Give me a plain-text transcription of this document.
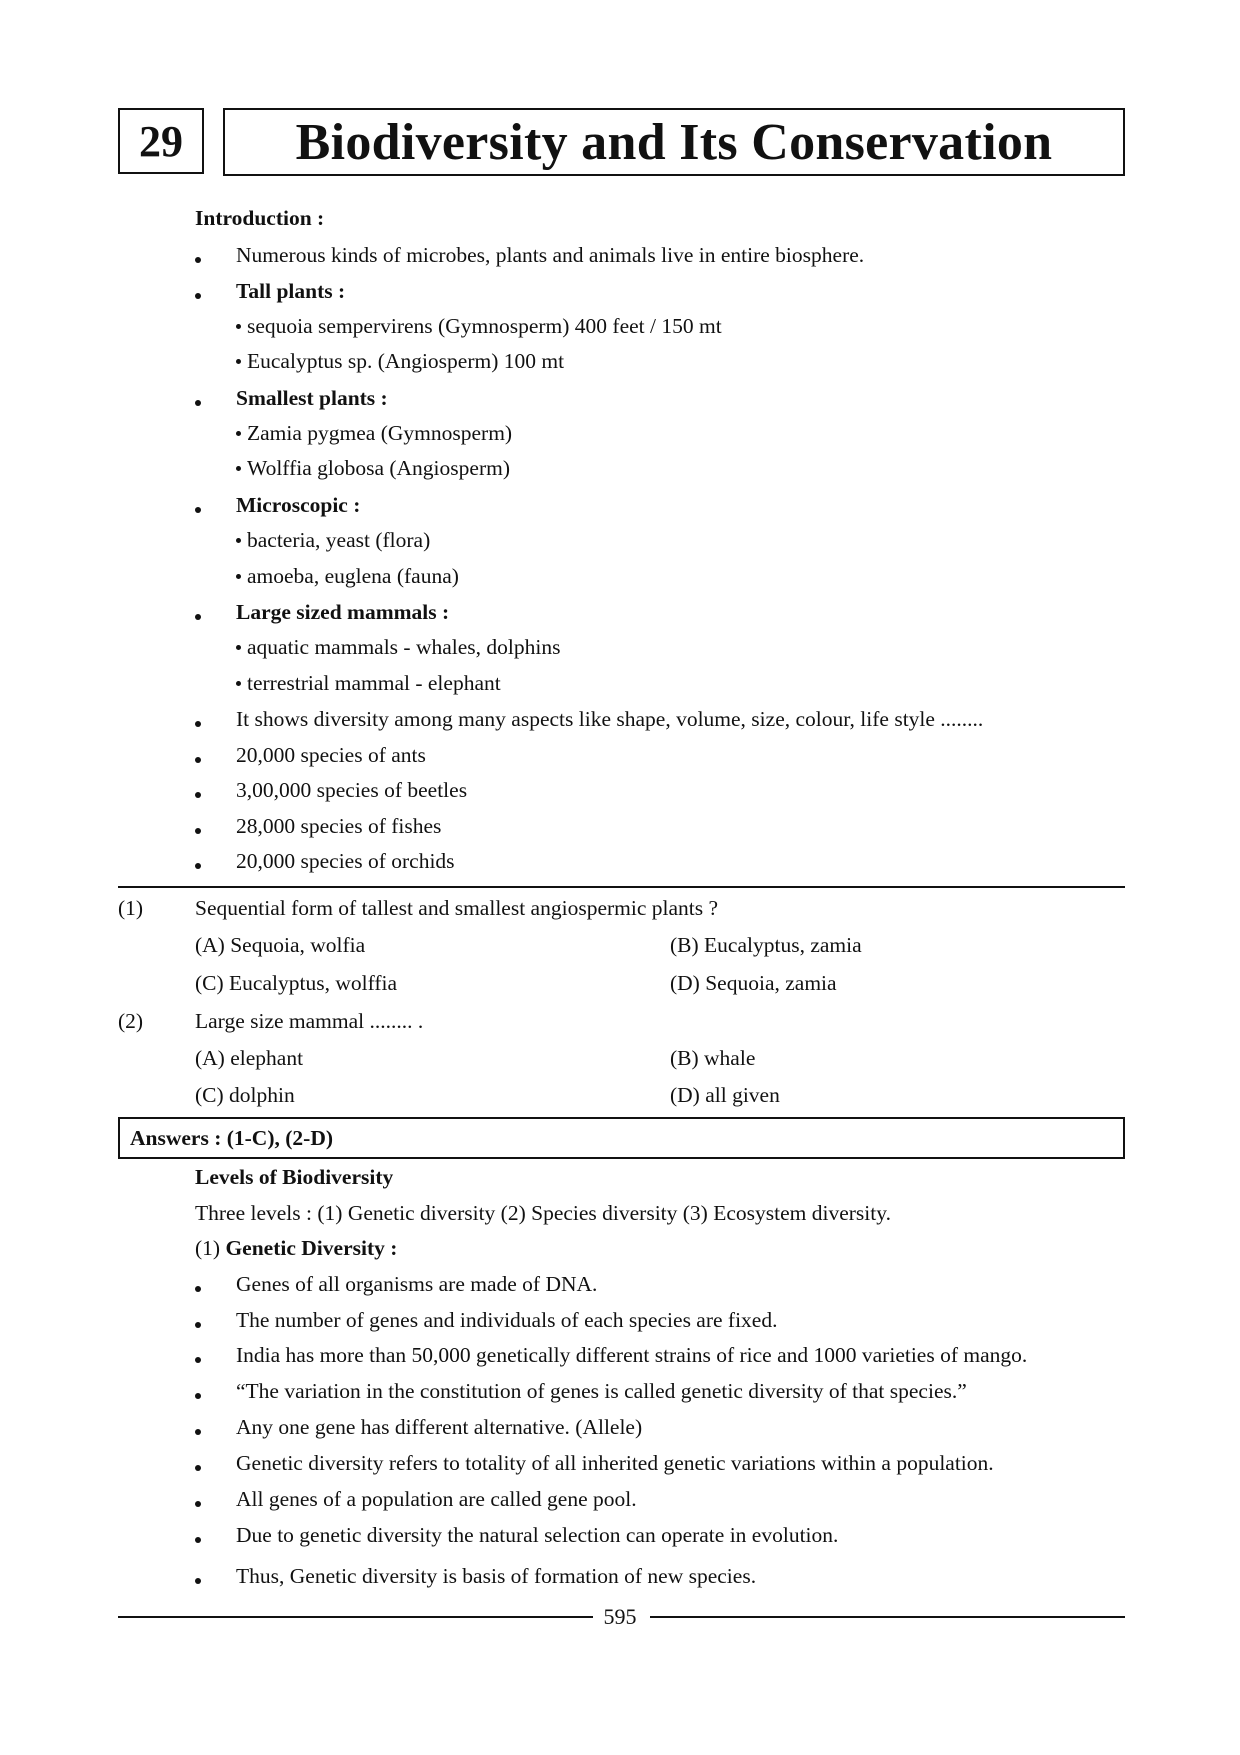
29	Biodiversity and Its Conservation
Introduction :
Numerous kinds of microbes, plants and animals live in entire biosphere.
Tall plants :
sequoia sempervirens (Gymnosperm) 400 feet / 150 mt
Eucalyptus sp. (Angiosperm) 100 mt
Smallest plants :
Zamia pygmea (Gymnosperm)
Wolffia globosa (Angiosperm)
Microscopic :
bacteria, yeast (flora)
amoeba, euglena (fauna)
Large sized mammals :
aquatic mammals - whales, dolphins
terrestrial mammal - elephant
It shows diversity among many aspects like shape, volume, size, colour, life style ........
20,000 species of ants
3,00,000 species of beetles
28,000 species of fishes
20,000 species of orchids
(1) Sequential form of tallest and smallest angiospermic plants ?
(A) Sequoia, wolfia	(B) Eucalyptus, zamia
(C) Eucalyptus, wolffia	(D) Sequoia, zamia
(2) Large size mammal ........ .
(A) elephant	(B) whale
(C) dolphin	(D) all given
Answers : (1-C), (2-D)
Levels of Biodiversity
Three levels : (1) Genetic diversity (2) Species diversity (3) Ecosystem diversity.
(1) Genetic Diversity :
Genes of all organisms are made of DNA.
The number of genes and individuals of each species are fixed.
India has more than 50,000 genetically different strains of rice and 1000 varieties of mango.
“The variation in the constitution of genes is called genetic diversity of that species.”
Any one gene has different alternative. (Allele)
Genetic diversity refers to totality of all inherited genetic variations within a population.
All genes of a population are called gene pool.
Due to genetic diversity the natural selection can operate in evolution.
Thus, Genetic diversity is basis of formation of new species.
595
